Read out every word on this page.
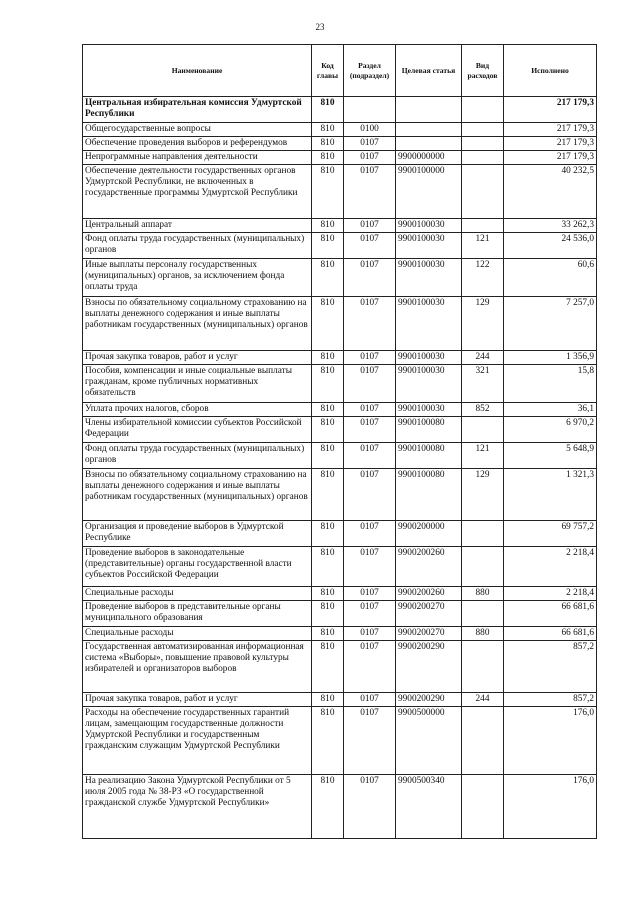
23
Наименование	Код главы	Раздел (подраздел)	Целевая статья	Вид расходов	Исполнено
Центральная избирательная комиссия Удмуртской Республики	810				217 179,3
Общегосударственные вопросы	810	0100			217 179,3
Обеспечение проведения выборов и референдумов	810	0107			217 179,3
Непрограммные направления деятельности	810	0107	9900000000		217 179,3
Обеспечение деятельности государственных органов Удмуртской Республики, не включенных в государственные программы Удмуртской Республики	810	0107	9900100000		40 232,5
Центральный аппарат	810	0107	9900100030		33 262,3
Фонд оплаты труда государственных (муниципальных) органов	810	0107	9900100030	121	24 536,0
Иные выплаты персоналу государственных (муниципальных) органов, за исключением фонда оплаты труда	810	0107	9900100030	122	60,6
Взносы по обязательному социальному страхованию на выплаты денежного содержания и иные выплаты работникам государственных (муниципальных) органов	810	0107	9900100030	129	7 257,0
Прочая закупка товаров, работ и услуг	810	0107	9900100030	244	1 356,9
Пособия, компенсации и иные социальные выплаты гражданам, кроме публичных нормативных обязательств	810	0107	9900100030	321	15,8
Уплата прочих налогов, сборов	810	0107	9900100030	852	36,1
Члены избирательной комиссии субъектов Российской Федерации	810	0107	9900100080		6 970,2
Фонд оплаты труда государственных (муниципальных) органов	810	0107	9900100080	121	5 648,9
Взносы по обязательному социальному страхованию на выплаты денежного содержания и иные выплаты работникам государственных (муниципальных) органов	810	0107	9900100080	129	1 321,3
Организация и проведение выборов в Удмуртской Республике	810	0107	9900200000		69 757,2
Проведение выборов в законодательные (представительные) органы государственной власти субъектов Российской Федерации	810	0107	9900200260		2 218,4
Специальные расходы	810	0107	9900200260	880	2 218,4
Проведение выборов в представительные органы муниципального образования	810	0107	9900200270		66 681,6
Специальные расходы	810	0107	9900200270	880	66 681,6
Государственная автоматизированная информационная система «Выборы», повышение правовой культуры избирателей и организаторов выборов	810	0107	9900200290		857,2
Прочая закупка товаров, работ и услуг	810	0107	9900200290	244	857,2
Расходы на обеспечение государственных гарантий лицам, замещающим государственные должности Удмуртской Республики и государственным гражданским служащим Удмуртской Республики	810	0107	9900500000		176,0
На реализацию Закона Удмуртской Республики от 5 июля 2005 года № 38-РЗ «О государственной гражданской службе Удмуртской Республики»	810	0107	9900500340		176,0
